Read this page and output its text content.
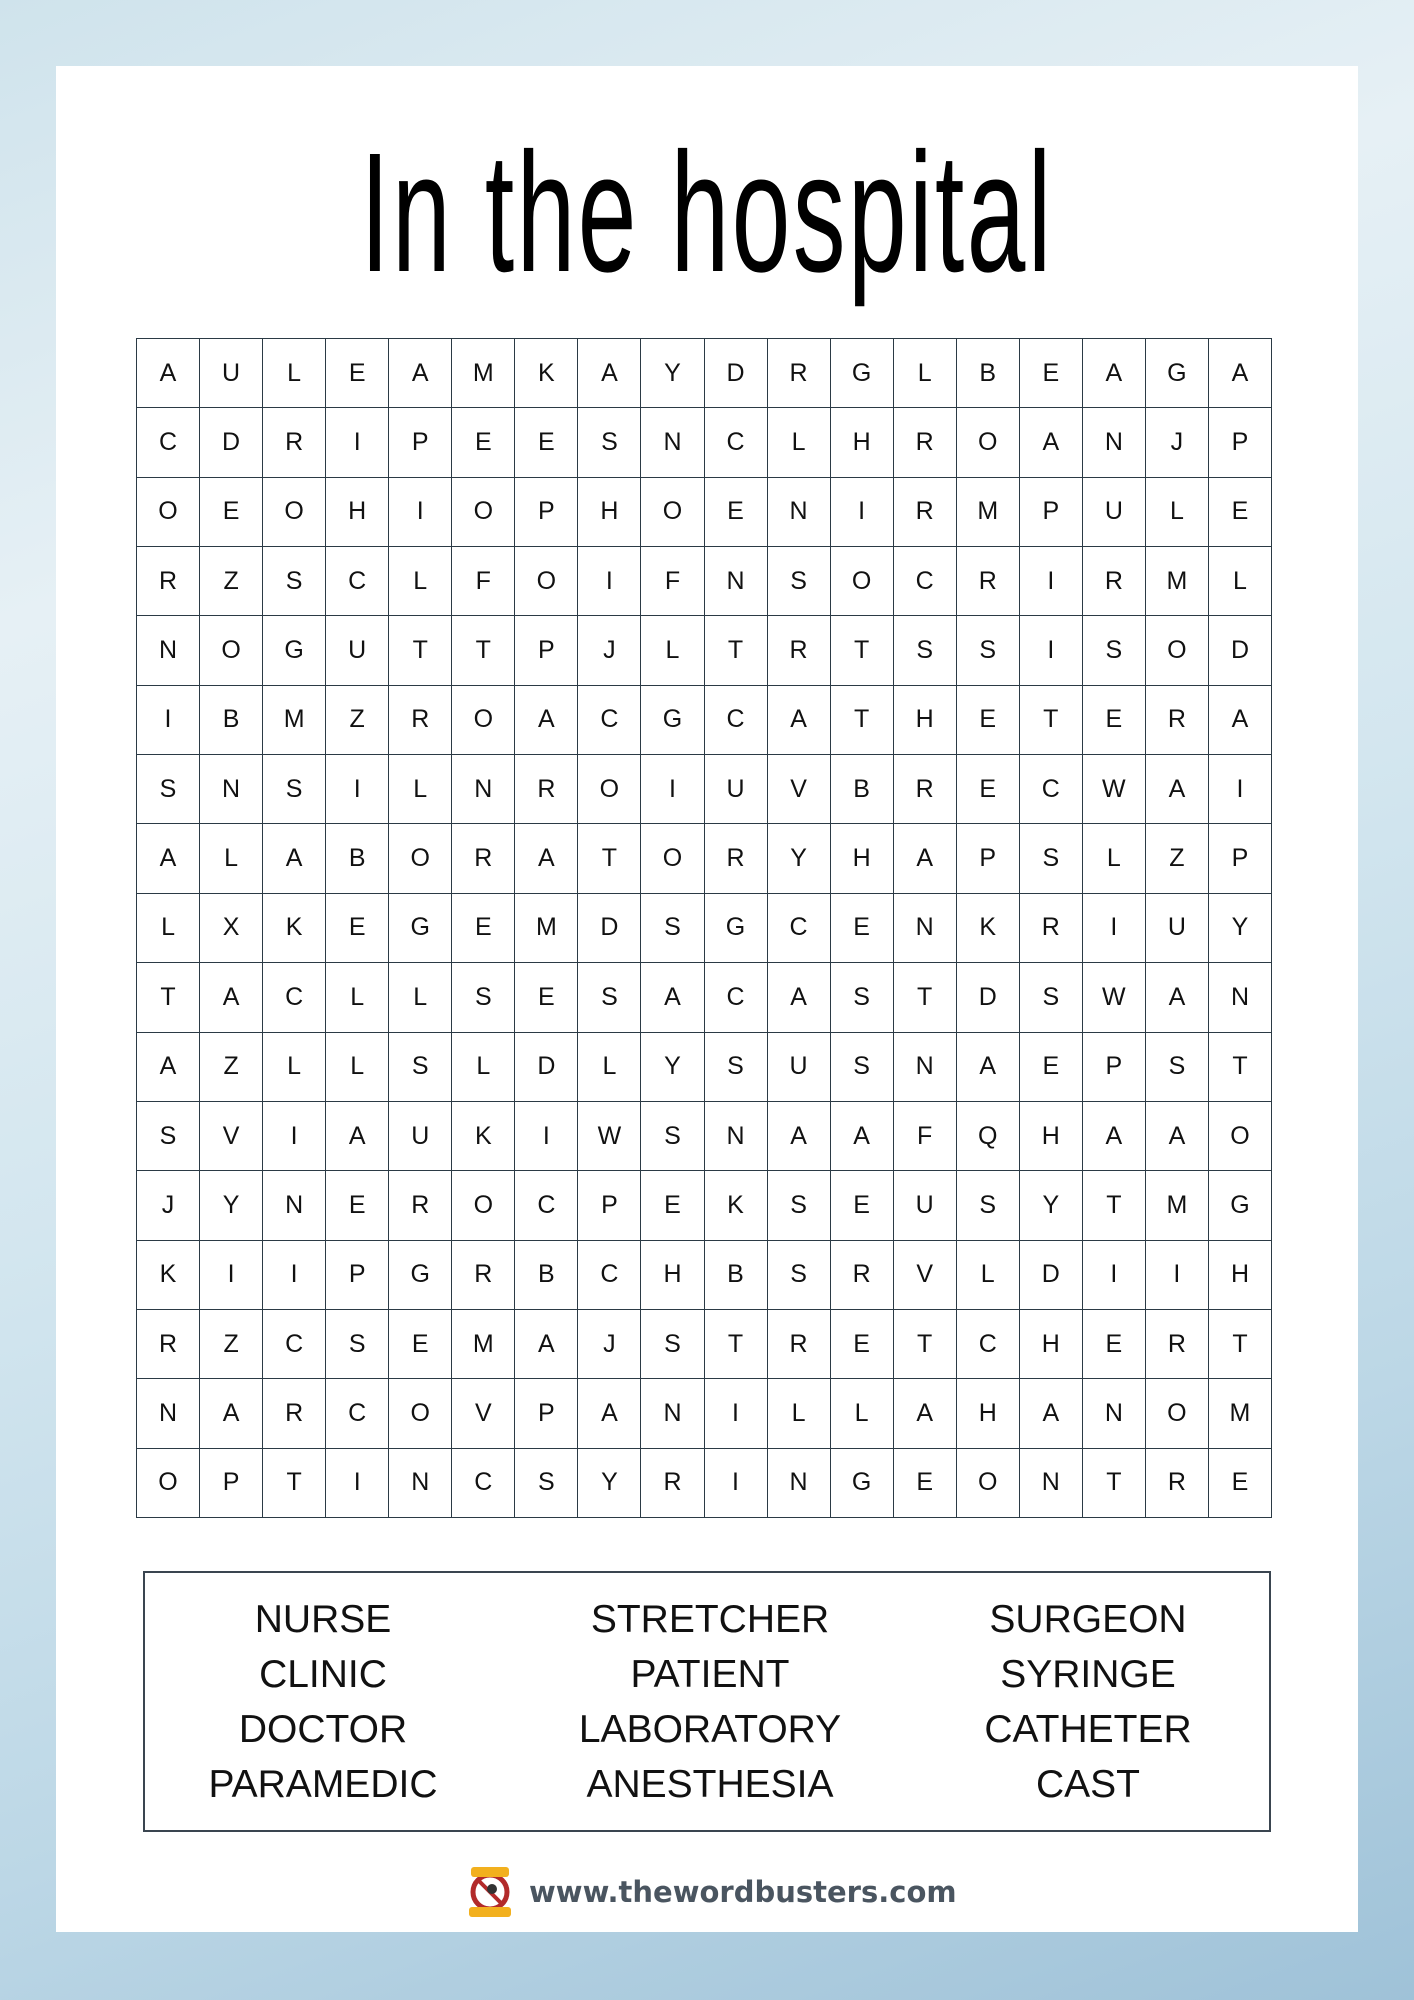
In the hospital
A	U	L	E	A	M	K	A	Y	D	R	G	L	B	E	A	G	A
C	D	R	I	P	E	E	S	N	C	L	H	R	O	A	N	J	P
O	E	O	H	I	O	P	H	O	E	N	I	R	M	P	U	L	E
R	Z	S	C	L	F	O	I	F	N	S	O	C	R	I	R	M	L
N	O	G	U	T	T	P	J	L	T	R	T	S	S	I	S	O	D
I	B	M	Z	R	O	A	C	G	C	A	T	H	E	T	E	R	A
S	N	S	I	L	N	R	O	I	U	V	B	R	E	C	W	A	I
A	L	A	B	O	R	A	T	O	R	Y	H	A	P	S	L	Z	P
L	X	K	E	G	E	M	D	S	G	C	E	N	K	R	I	U	Y
T	A	C	L	L	S	E	S	A	C	A	S	T	D	S	W	A	N
A	Z	L	L	S	L	D	L	Y	S	U	S	N	A	E	P	S	T
S	V	I	A	U	K	I	W	S	N	A	A	F	Q	H	A	A	O
J	Y	N	E	R	O	C	P	E	K	S	E	U	S	Y	T	M	G
K	I	I	P	G	R	B	C	H	B	S	R	V	L	D	I	I	H
R	Z	C	S	E	M	A	J	S	T	R	E	T	C	H	E	R	T
N	A	R	C	O	V	P	A	N	I	L	L	A	H	A	N	O	M
O	P	T	I	N	C	S	Y	R	I	N	G	E	O	N	T	R	E
NURSE
CLINIC
DOCTOR
PARAMEDIC
STRETCHER
PATIENT
LABORATORY
ANESTHESIA
SURGEON
SYRINGE
CATHETER
CAST
www.thewordbusters.com
